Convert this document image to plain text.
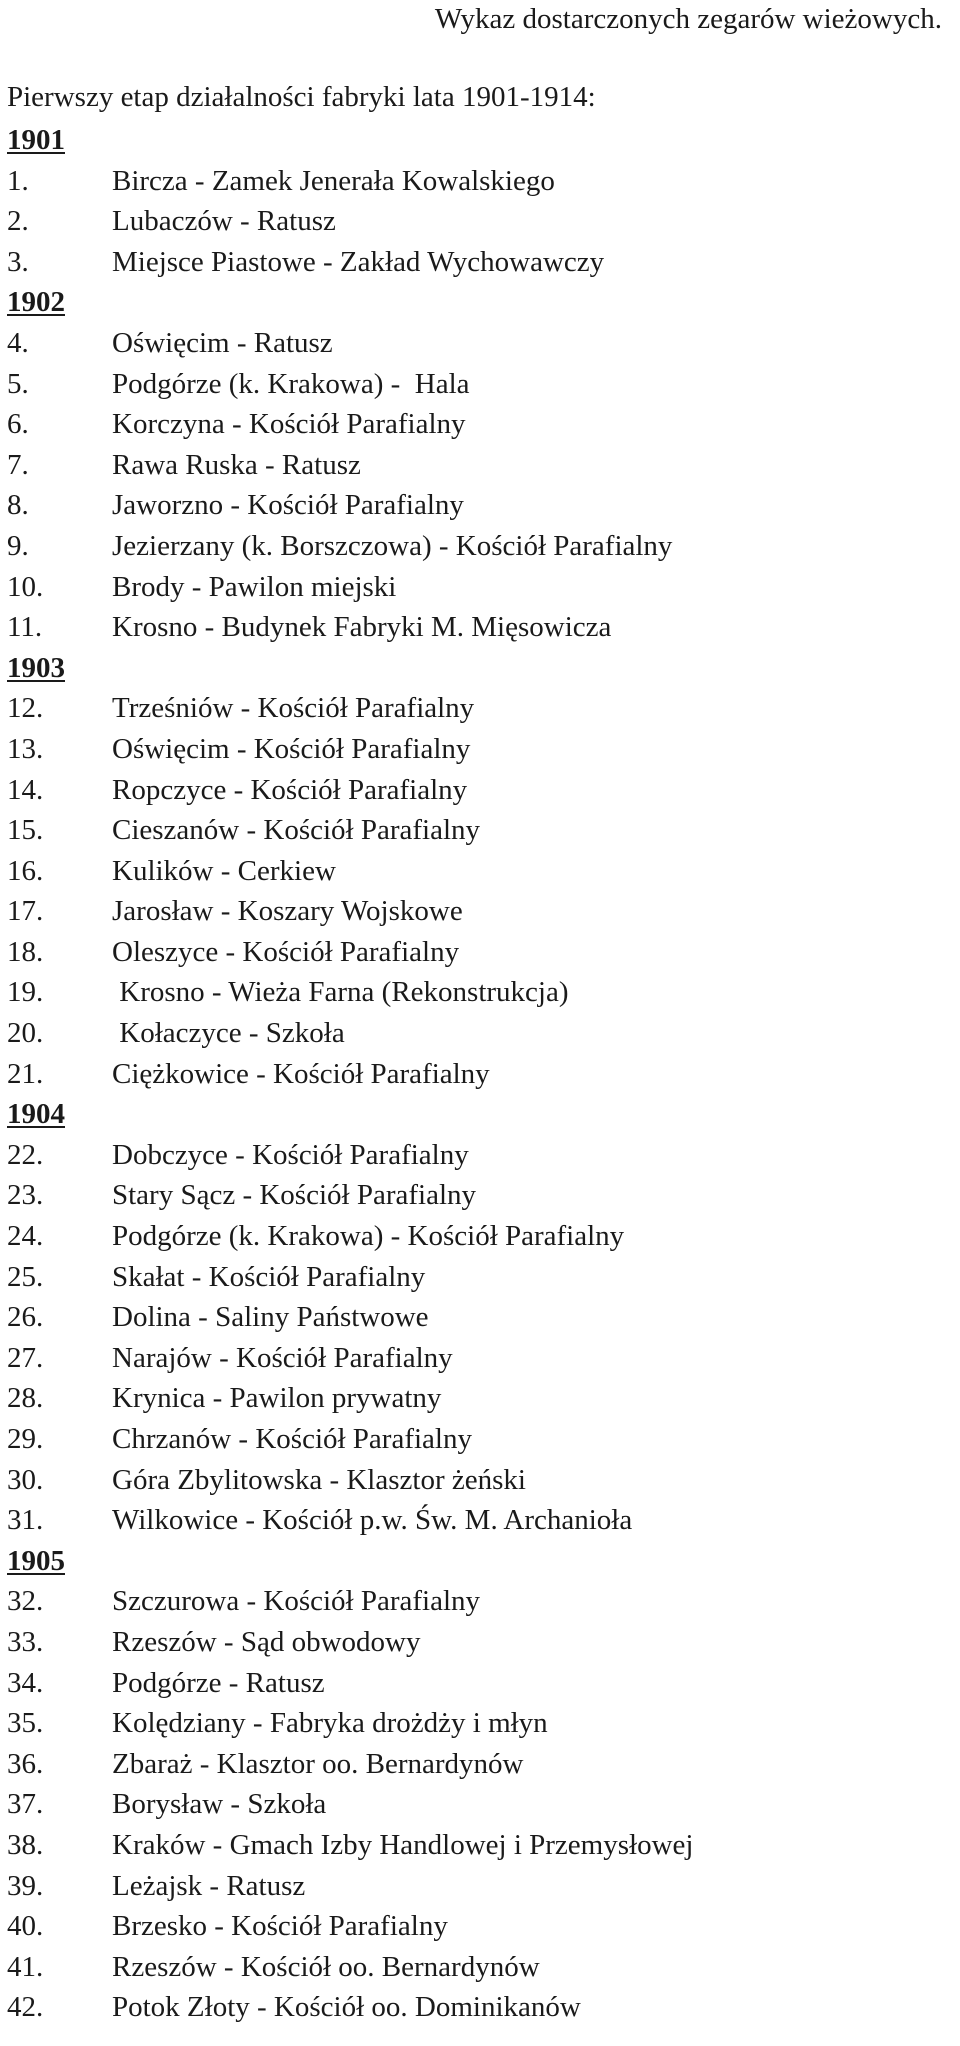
Wykaz dostarczonych zegarów wieżowych.
Pierwszy etap działalności fabryki lata 1901-1914:
1901
1.	Bircza - Zamek Jenerała Kowalskiego
2.	Lubaczów - Ratusz
3.	Miejsce Piastowe - Zakład Wychowawczy
1902
4.	Oświęcim - Ratusz
5.	Podgórze (k. Krakowa) -  Hala
6.	Korczyna - Kościół Parafialny
7.	Rawa Ruska - Ratusz
8.	Jaworzno - Kościół Parafialny
9.	Jezierzany (k. Borszczowa) - Kościół Parafialny
10. Brody - Pawilon miejski
11. Krosno - Budynek Fabryki M. Mięsowicza
1903
12. Trześniów - Kościół Parafialny
13. Oświęcim - Kościół Parafialny
14. Ropczyce - Kościół Parafialny
15. Cieszanów - Kościół Parafialny
16. Kulików - Cerkiew
17. Jarosław - Koszary Wojskowe
18. Oleszyce - Kościół Parafialny
19. Krosno - Wieża Farna (Rekonstrukcja)
20. Kołaczyce - Szkoła
21. Ciężkowice - Kościół Parafialny
1904
22. Dobczyce - Kościół Parafialny
23. Stary Sącz - Kościół Parafialny
24. Podgórze (k. Krakowa) - Kościół Parafialny
25. Skałat - Kościół Parafialny
26. Dolina - Saliny Państwowe
27. Narajów - Kościół Parafialny
28. Krynica - Pawilon prywatny
29. Chrzanów - Kościół Parafialny
30. Góra Zbylitowska - Klasztor żeński
31. Wilkowice - Kościół p.w. Św. M. Archanioła
1905
32. Szczurowa - Kościół Parafialny
33. Rzeszów - Sąd obwodowy
34. Podgórze - Ratusz
35. Kolędziany - Fabryka drożdży i młyn
36. Zbaraż - Klasztor oo. Bernardynów
37. Borysław - Szkoła
38. Kraków - Gmach Izby Handlowej i Przemysłowej
39. Leżajsk - Ratusz
40. Brzesko - Kościół Parafialny
41. Rzeszów - Kościół oo. Bernardynów
42. Potok Złoty - Kościół oo. Dominikanów
